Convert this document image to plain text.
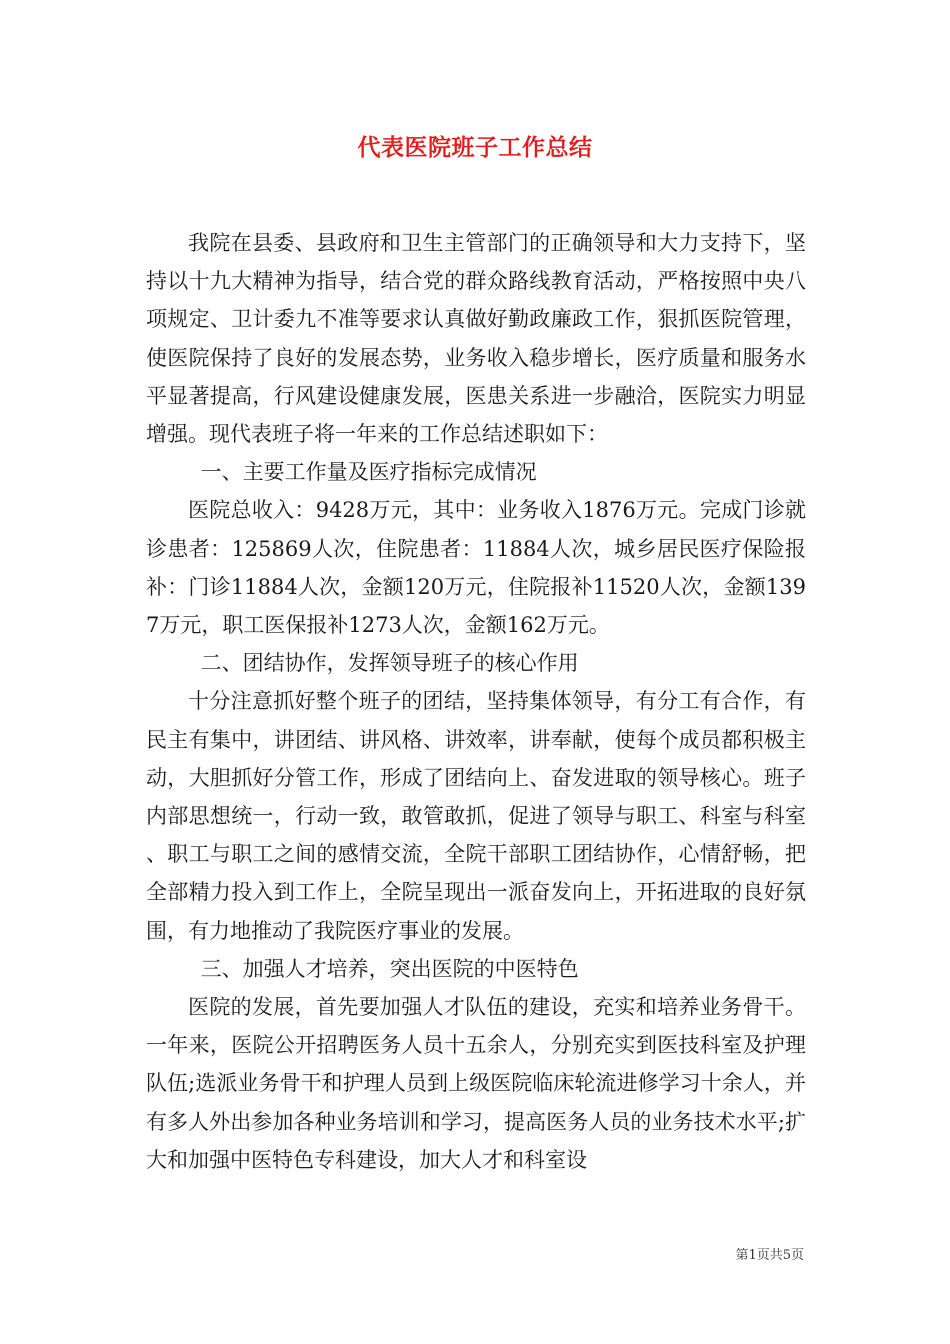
代表医院班子工作总结

我院在县委、县政府和卫生主管部门的正确领导和大力支持下，坚持以十九大精神为指导，结合党的群众路线教育活动，严格按照中央八项规定、卫计委九不准等要求认真做好勤政廉政工作，狠抓医院管理，使医院保持了良好的发展态势，业务收入稳步增长，医疗质量和服务水平显著提高，行风建设健康发展，医患关系进一步融洽，医院实力明显增强。现代表班子将一年来的工作总结述职如下：

一、主要工作量及医疗指标完成情况

医院总收入：9428万元，其中：业务收入1876万元。完成门诊就诊患者：125869人次，住院患者：11884人次，城乡居民医疗保险报补：门诊11884人次，金额120万元，住院报补11520人次，金额1397万元，职工医保报补1273人次，金额162万元。

二、团结协作，发挥领导班子的核心作用

十分注意抓好整个班子的团结，坚持集体领导，有分工有合作，有民主有集中，讲团结、讲风格、讲效率，讲奉献，使每个成员都积极主动，大胆抓好分管工作，形成了团结向上、奋发进取的领导核心。班子内部思想统一，行动一致，敢管敢抓，促进了领导与职工、科室与科室、职工与职工之间的感情交流，全院干部职工团结协作，心情舒畅，把全部精力投入到工作上，全院呈现出一派奋发向上，开拓进取的良好氛围，有力地推动了我院医疗事业的发展。

三、加强人才培养，突出医院的中医特色

医院的发展，首先要加强人才队伍的建设，充实和培养业务骨干。一年来，医院公开招聘医务人员十五余人，分别充实到医技科室及护理队伍;选派业务骨干和护理人员到上级医院临床轮流进修学习十余人，并有多人外出参加各种业务培训和学习，提高医务人员的业务技术水平;扩大和加强中医特色专科建设，加大人才和科室设

第1页共5页
